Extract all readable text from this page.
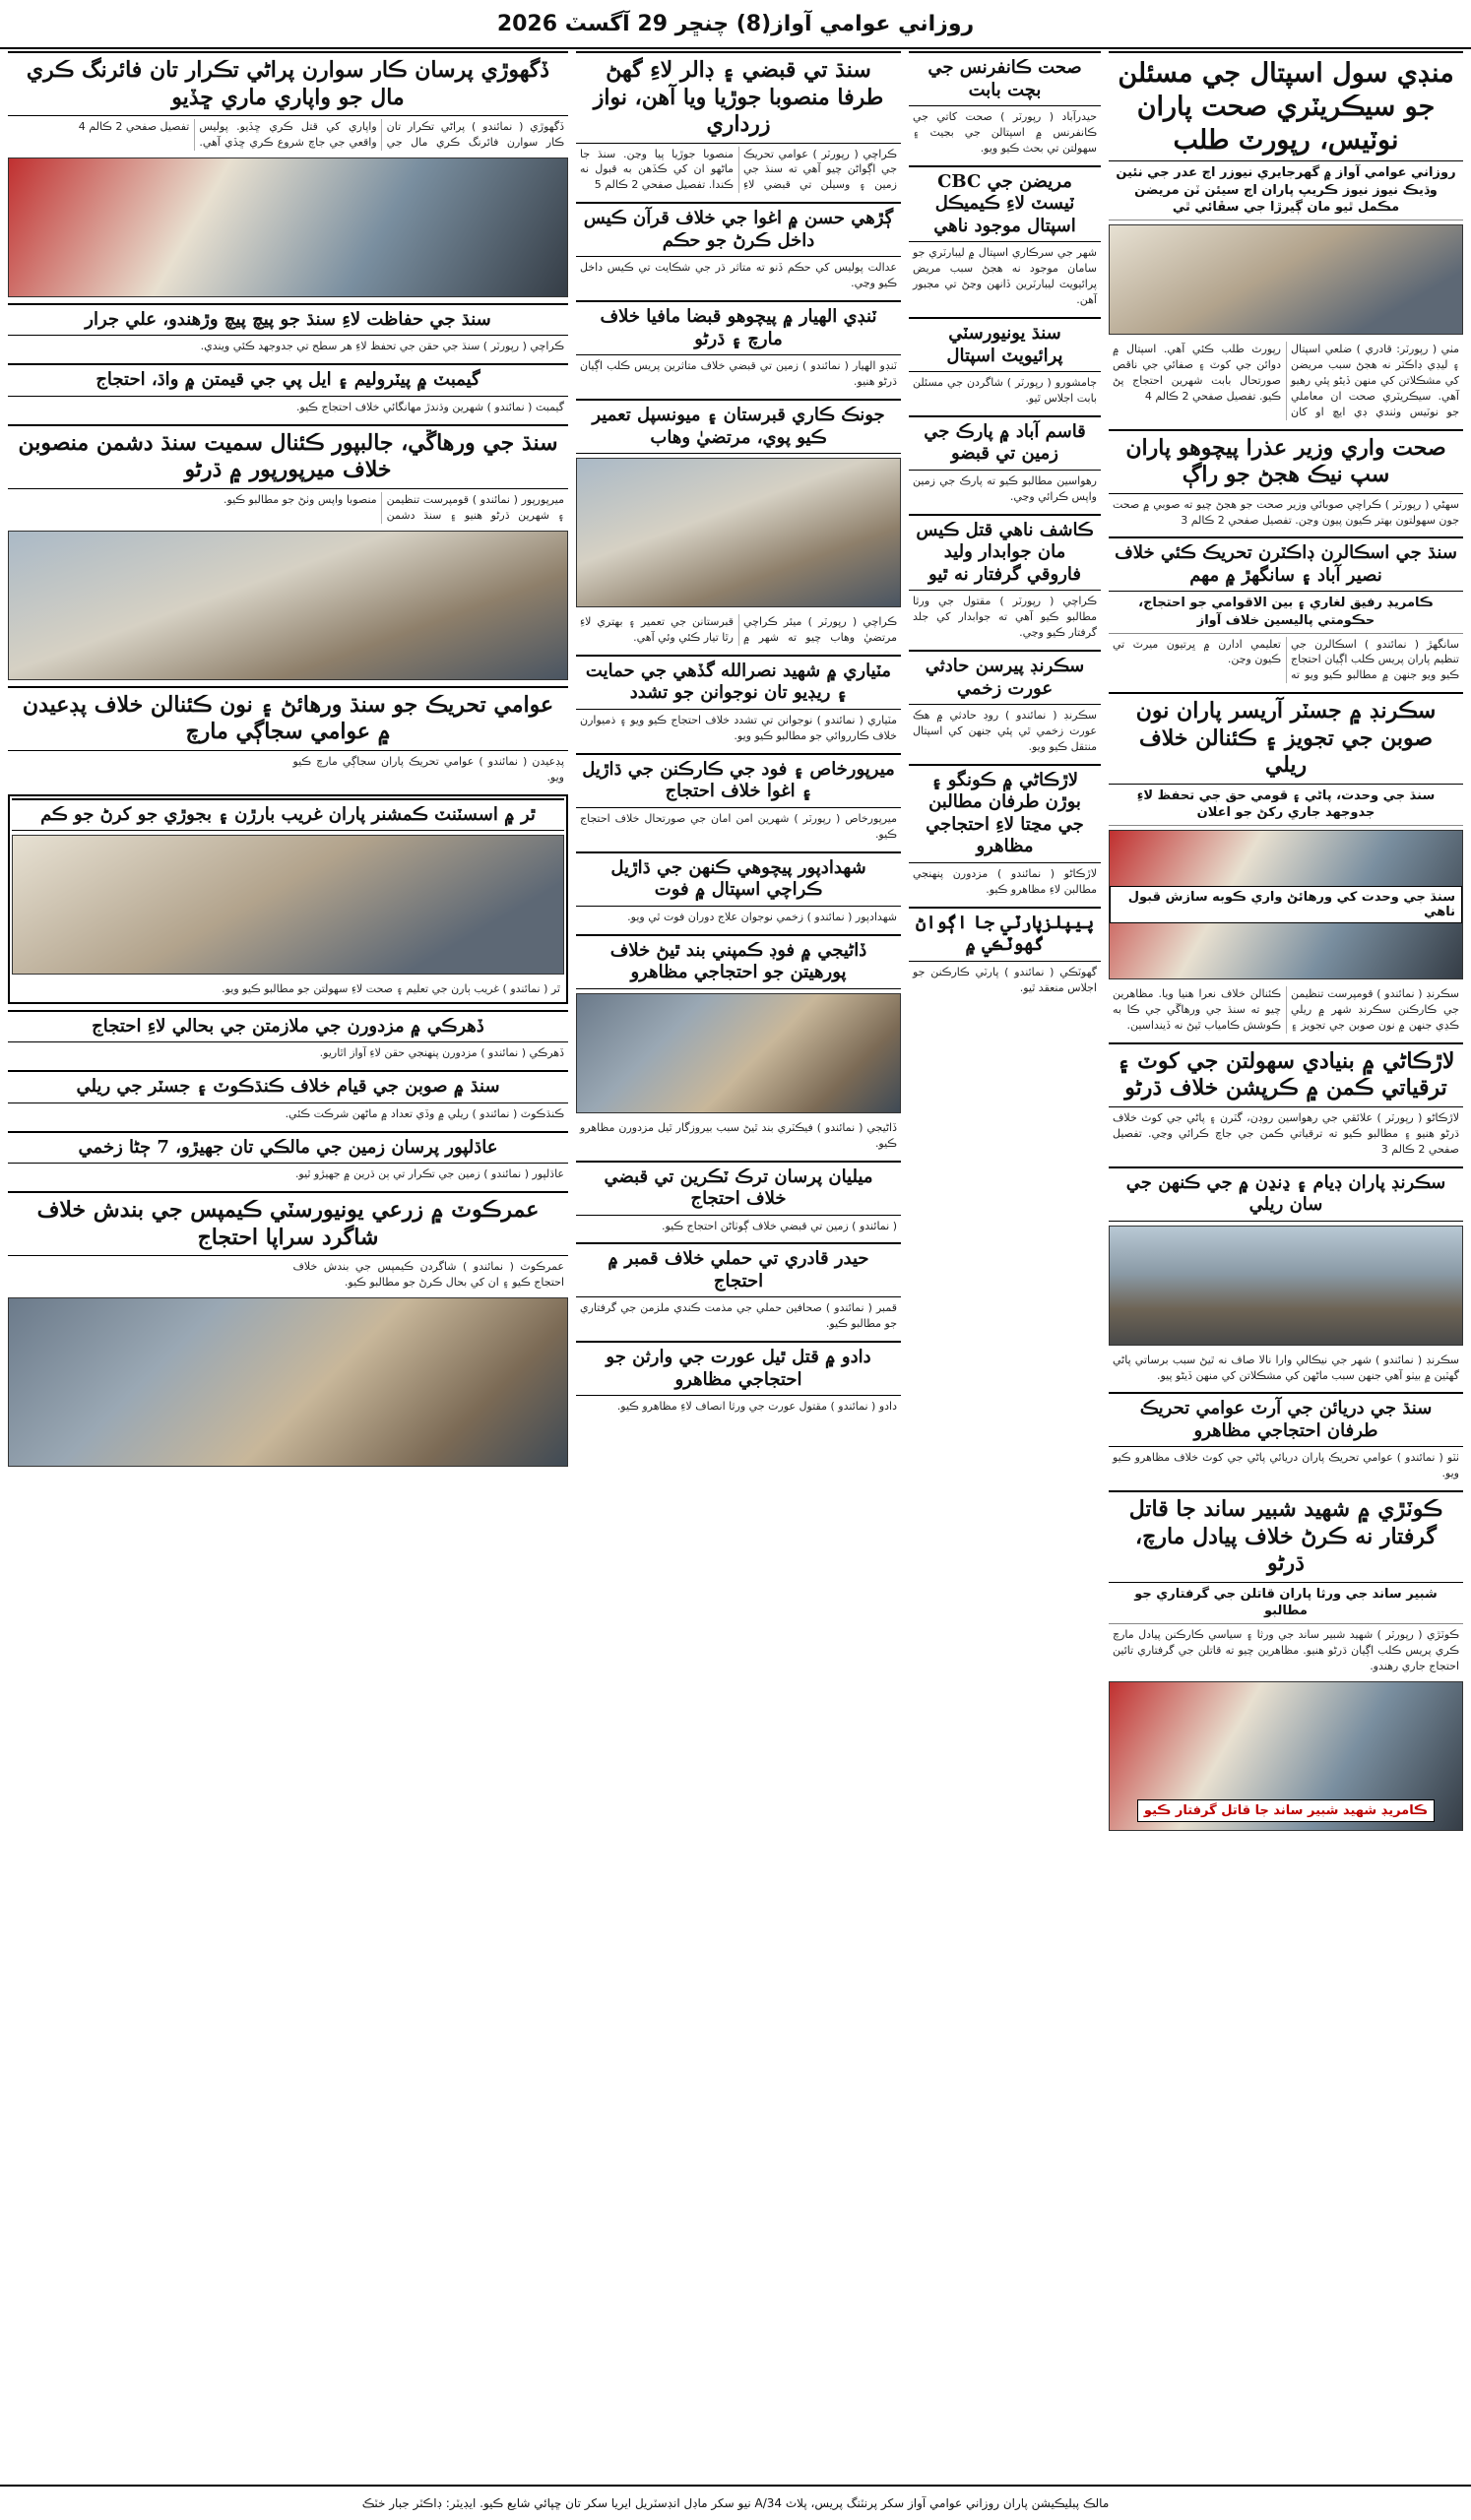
روزاني عوامي آواز(8) چنڇر 29 آگسٽ 2026
منڊي سول اسپتال جي مسئلن جو سيڪريٽري صحت پاران نوٽيس، رپورٽ طلب
روزاني عوامي آواز ۾ گهرجايري نيوزر اڄ عدر جي نئين وڌيڪ نيوز نيوز ڪريپ پاران اڄ سيئن ٽن مريضن مڪمل ٿيو مان ڳيرڙا جي سڦائي ٿي
مٺي ( رپورٽر: قادري ) ضلعي اسپتال ۽ ليڊي ڊاڪٽر نه هجڻ سبب مريضن کي مشڪلاتن کي منهن ڏيڻو پئي رهيو آهي. سيڪريٽري صحت ان معاملي جو نوٽيس وٺندي ڊي ايڇ او کان رپورٽ طلب ڪئي آهي. اسپتال ۾ دوائن جي کوٽ ۽ صفائي جي ناقص صورتحال بابت شهرين احتجاج پڻ ڪيو. تفصيل صفحي 2 ڪالم 4
صحت واري وزير عذرا پيچوهو پاران سپ نيڪ هجڻ جو راڳ
سهڻي ( رپورٽر ) ڪراچي صوبائي وزير صحت جو هجڻ چيو ته صوبي ۾ صحت جون سهولتون بهتر ڪيون پيون وڃن. تفصيل صفحي 2 ڪالم 3
سنڌ جي اسڪالرن ڊاڪٽرن تحريڪ ڪئي خلاف نصير آباد ۽ سانگهڙ ۾ مهم
ڪامريڊ رفيق لغاري ۽ بين الاقوامي جو احتجاج، حڪومتي پاليسين خلاف آواز
سانگهڙ ( نمائندو ) اسڪالرن جي تنظيم پاران پريس ڪلب اڳيان احتجاج ڪيو ويو جنهن ۾ مطالبو ڪيو ويو ته تعليمي ادارن ۾ ڀرتيون ميرٽ تي ڪيون وڃن.
سڪرنڊ ۾ جسٽر آريسر پاران نون صوبن جي تجويز ۽ ڪئنالن خلاف ريلي
سنڌ جي وحدت، پاڻي ۽ قومي حق جي تحفظ لاءِ جدوجهد جاري رکڻ جو اعلان
سنڌ جي وحدت کي ورهائڻ واري ڪوبه سازش قبول ناهي
سڪرنڊ ( نمائندو ) قومپرست تنظيمن جي ڪارڪنن سڪرنڊ شهر ۾ ريلي ڪڍي جنهن ۾ نون صوبن جي تجويز ۽ ڪئنالن خلاف نعرا هنيا ويا. مظاهرين چيو ته سنڌ جي ورهاڱي جي ڪا به ڪوشش ڪامياب ٿيڻ نه ڏينداسين.
لاڙڪاڻي ۾ بنيادي سهولتن جي کوٽ ۽ ترقياتي ڪمن ۾ ڪرپشن خلاف ڌرڻو
لاڙڪاڻو ( رپورٽر ) علائقي جي رهواسين روڊن، گٽرن ۽ پاڻي جي کوٽ خلاف ڌرڻو هنيو ۽ مطالبو ڪيو ته ترقياتي ڪمن جي جاچ ڪرائي وڃي. تفصيل صفحي 2 ڪالم 3
سڪرنڊ پاران ڊيام ۽ ڍنڍن ۾ جي ڪنهن جي سان ريلي
سڪرنڊ ( نمائندو ) شهر جي نيڪالي وارا نالا صاف نه ٿيڻ سبب برساتي پاڻي گهٽين ۾ بيٺو آهي جنهن سبب ماڻهن کي مشڪلاتن کي منهن ڏيڻو پيو.
سنڌ جي دريائن جي آرٽ عوامي تحريڪ طرفان احتجاجي مظاهرو
ٺٽو ( نمائندو ) عوامي تحريڪ پاران دريائي پاڻي جي کوٽ خلاف مظاهرو ڪيو ويو.
ڪوٽڙي ۾ شهيد شبير ساند جا قاتل گرفتار نه ڪرڻ خلاف پيادل مارچ، ڌرڻو
شبير ساند جي ورثا پاران قاتلن جي گرفتاري جو مطالبو
ڪوٽڙي ( رپورٽر ) شهيد شبير ساند جي ورثا ۽ سياسي ڪارڪنن پيادل مارچ ڪري پريس ڪلب اڳيان ڌرڻو هنيو. مظاهرين چيو ته قاتلن جي گرفتاري تائين احتجاج جاري رهندو.
ڪامريڊ شهيد شبير ساند جا قاتل گرفتار ڪيو
صحت ڪانفرنس جي بچت بابت
حيدرآباد ( رپورٽر ) صحت کاتي جي ڪانفرنس ۾ اسپتالن جي بجيٽ ۽ سهولتن تي بحث ڪيو ويو.
مريضن جي CBC ٽيسٽ لاءِ ڪيميڪل اسپتال موجود ناهي
شهر جي سرڪاري اسپتال ۾ ليبارٽري جو سامان موجود نه هجڻ سبب مريض پرائيويٽ ليبارٽرين ڏانهن وڃڻ تي مجبور آهن.
سنڌ يونيورسٽي پرائيويٽ اسپتال
ڄامشورو ( رپورٽر ) شاگردن جي مسئلن بابت اجلاس ٿيو.
قاسم آباد ۾ پارڪ جي زمين تي قبضو
رهواسين مطالبو ڪيو ته پارڪ جي زمين واپس ڪرائي وڃي.
ڪاشف ناهي قتل ڪيس مان جوابدار وليد فاروقي گرفتار نه ٿيو
ڪراچي ( رپورٽر ) مقتول جي ورثا مطالبو ڪيو آهي ته جوابدار کي جلد گرفتار ڪيو وڃي.
سڪرنڊ پيرسن حادثي عورت زخمي
سڪرنڊ ( نمائندو ) روڊ حادثي ۾ هڪ عورت زخمي ٿي پئي جنهن کي اسپتال منتقل ڪيو ويو.
لاڙڪاڻي ۾ ڪونگو ۽ بوڙن طرفان مطالبن جي مڃتا لاءِ احتجاجي مظاهرو
لاڙڪاڻو ( نمائندو ) مزدورن پنهنجي مطالبن لاءِ مظاهرو ڪيو.
پيپلزپارٽي جا اڳواڻ گهوٽڪي ۾
گهوٽڪي ( نمائندو ) پارٽي ڪارڪنن جو اجلاس منعقد ٿيو.
سنڌ تي قبضي ۽ ڊالر لاءِ گهڻ طرفا منصوبا جوڙيا ويا آهن، نواز زرداري
ڪراچي ( رپورٽر ) عوامي تحريڪ جي اڳواڻن چيو آهي ته سنڌ جي زمين ۽ وسيلن تي قبضي لاءِ منصوبا جوڙيا پيا وڃن. سنڌ جا ماڻهو ان کي ڪڏهن به قبول نه ڪندا. تفصيل صفحي 2 ڪالم 5
ڳڙهي حسن ۾ اغوا جي خلاف قرآن ڪيس داخل ڪرڻ جو حڪم
عدالت پوليس کي حڪم ڏنو ته متاثر ڌر جي شڪايت تي ڪيس داخل ڪيو وڃي.
ٽنڊي الهيار ۾ پيچوهو قبضا مافيا خلاف مارچ ۽ ڌرڻو
ٽنڊو الهيار ( نمائندو ) زمين تي قبضي خلاف متاثرين پريس ڪلب اڳيان ڌرڻو هنيو.
جونڪ ڪاري قبرستان ۽ ميونسپل تعمير ڪيو پوي، مرتضيٰ وهاب
ڪراچي ( رپورٽر ) ميئر ڪراچي مرتضيٰ وهاب چيو ته شهر ۾ قبرستانن جي تعمير ۽ بهتري لاءِ رٿا تيار ڪئي وئي آهي.
مٽياري ۾ شهيد نصرالله گڏهي جي حمايت ۽ ريڊيو تان نوجوانن جو تشدد
مٽياري ( نمائندو ) نوجوانن تي تشدد خلاف احتجاج ڪيو ويو ۽ ذميوارن خلاف ڪارروائي جو مطالبو ڪيو ويو.
ميرپورخاص ۽ فود جي ڪارڪنن جي ڌاڙيل ۽ اغوا خلاف احتجاج
ميرپورخاص ( رپورٽر ) شهرين امن امان جي صورتحال خلاف احتجاج ڪيو.
شهدادپور پيچوهي ڪنهن جي ڌاڙيل ڪراچي اسپتال ۾ فوت
شهدادپور ( نمائندو ) زخمي نوجوان علاج دوران فوت ٿي ويو.
ڏاڻيجي ۾ فوڊ ڪمپني بند ٿيڻ خلاف پورهيتن جو احتجاجي مظاهرو
ڏاڻيجي ( نمائندو ) فيڪٽري بند ٿيڻ سبب بيروزگار ٿيل مزدورن مظاهرو ڪيو.
ميليان پرسان ترڪ ٽڪرين تي قبضي خلاف احتجاج
( نمائندو ) زمين تي قبضي خلاف ڳوٺاڻن احتجاج ڪيو.
حيدر قادري تي حملي خلاف قمبر ۾ احتجاج
قمبر ( نمائندو ) صحافين حملي جي مذمت ڪندي ملزمن جي گرفتاري جو مطالبو ڪيو.
دادو ۾ قتل ٿيل عورت جي وارثن جو احتجاجي مظاهرو
دادو ( نمائندو ) مقتول عورت جي ورثا انصاف لاءِ مظاهرو ڪيو.
ڏگهوڙي پرسان ڪار سوارن پراڻي تڪرار تان فائرنگ ڪري مال جو واپاري ماري ڇڏيو
ڏگهوڙي ( نمائندو ) پراڻي تڪرار تان ڪار سوارن فائرنگ ڪري مال جي واپاري کي قتل ڪري ڇڏيو. پوليس واقعي جي جاچ شروع ڪري ڇڏي آهي. تفصيل صفحي 2 ڪالم 4
سنڌ جي حفاظت لاءِ سنڌ جو پيچ پيچ وڙهندو، علي جرار
ڪراچي ( رپورٽر ) سنڌ جي حقن جي تحفظ لاءِ هر سطح تي جدوجهد ڪئي ويندي.
گيمبٽ ۾ پيٽروليم ۽ ايل پي جي قيمتن ۾ واڌ، احتجاج
گيمبٽ ( نمائندو ) شهرين وڌندڙ مهانگائي خلاف احتجاج ڪيو.
سنڌ جي ورهاڱي، جالبپور ڪئنال سميت سنڌ دشمن منصوبن خلاف ميرپورپور ۾ ڌرڻو
ميرپورپور ( نمائندو ) قومپرست تنظيمن ۽ شهرين ڌرڻو هنيو ۽ سنڌ دشمن منصوبا واپس وٺڻ جو مطالبو ڪيو.
عوامي تحريڪ جو سنڌ ورهائڻ ۽ نون ڪئنالن خلاف پڊعيدن ۾ عوامي سجاڳي مارچ
پڊعيدن ( نمائندو ) عوامي تحريڪ پاران سجاڳي مارچ ڪيو ويو.
ٿر ۾ اسسٽنٽ ڪمشنر پاران غريب بارڙن ۽ بجوڙي جو کرڻ جو ڪم
ٿر ( نمائندو ) غريب ٻارن جي تعليم ۽ صحت لاءِ سهولتن جو مطالبو ڪيو ويو.
ڏهرڪي ۾ مزدورن جي ملازمتن جي بحالي لاءِ احتجاج
ڏهرڪي ( نمائندو ) مزدورن پنهنجي حقن لاءِ آواز اٿاريو.
سنڌ ۾ صوبن جي قيام خلاف ڪنڌڪوٽ ۽ جسٽر جي ريلي
ڪنڌڪوٽ ( نمائندو ) ريلي ۾ وڏي تعداد ۾ ماڻهن شرڪت ڪئي.
عاڌلپور پرسان زمين جي مالڪي تان جهيڙو، 7 ڄڻا زخمي
عاڌلپور ( نمائندو ) زمين جي تڪرار تي ٻن ڌرين ۾ جهيڙو ٿيو.
عمرڪوٽ ۾ زرعي يونيورسٽي ڪيمپس جي بندش خلاف شاگرد سراپا احتجاج
عمرڪوٽ ( نمائندو ) شاگردن ڪيمپس جي بندش خلاف احتجاج ڪيو ۽ ان کي بحال ڪرڻ جو مطالبو ڪيو.
مالڪ پبليڪيشن پاران روزاني عوامي آواز سکر پرنٽنگ پريس، پلاٽ A/34 نيو سکر ماڊل انڊسٽريل ايريا سکر تان ڇپائي شايع ڪيو. ايڊيٽر: ڊاڪٽر جبار خٽڪ
